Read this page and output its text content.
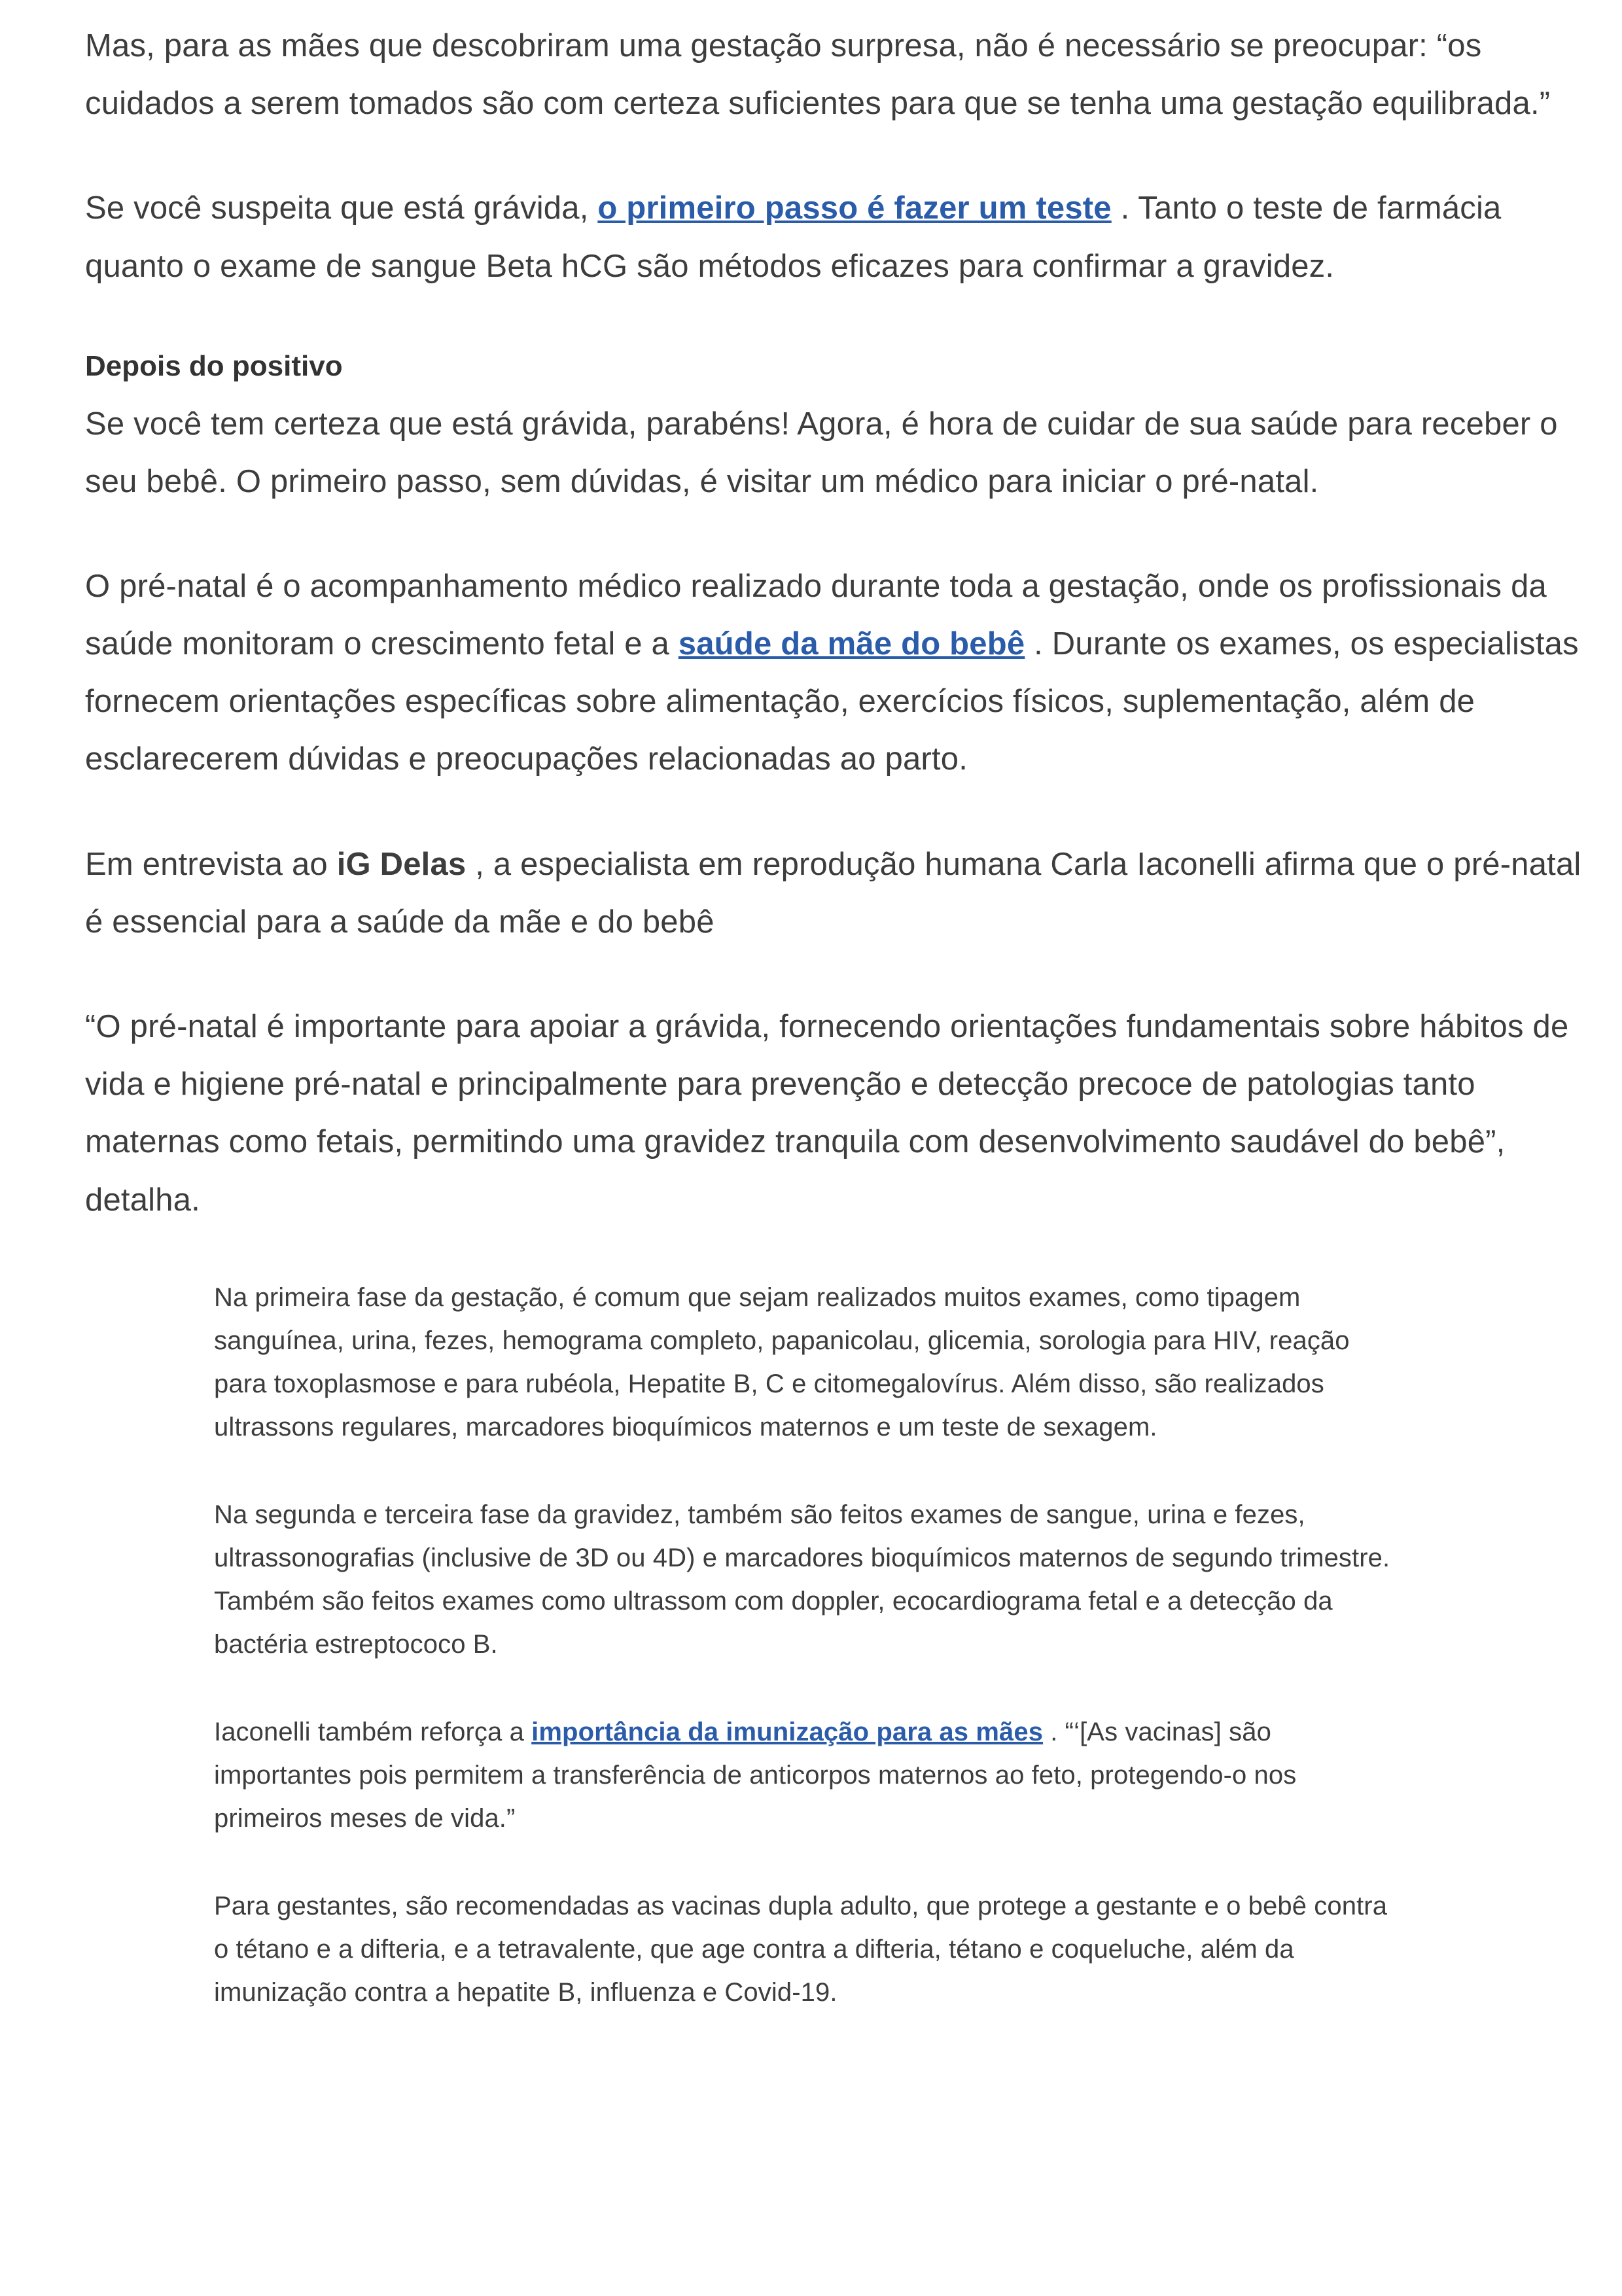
Mas, para as mães que descobriram uma gestação surpresa, não é necessário se preocupar: “os cuidados a serem tomados são com certeza suficientes para que se tenha uma gestação equilibrada.”

Se você suspeita que está grávida, o primeiro passo é fazer um teste . Tanto o teste de farmácia quanto o exame de sangue Beta hCG são métodos eficazes para confirmar a gravidez.

Depois do positivo

Se você tem certeza que está grávida, parabéns! Agora, é hora de cuidar de sua saúde para receber o seu bebê. O primeiro passo, sem dúvidas, é visitar um médico para iniciar o pré-natal.

O pré-natal é o acompanhamento médico realizado durante toda a gestação, onde os profissionais da saúde monitoram o crescimento fetal e a saúde da mãe do bebê . Durante os exames, os especialistas fornecem orientações específicas sobre alimentação, exercícios físicos, suplementação, além de esclarecerem dúvidas e preocupações relacionadas ao parto.

Em entrevista ao iG Delas , a especialista em reprodução humana Carla Iaconelli afirma que o pré-natal é essencial para a saúde da mãe e do bebê

“O pré-natal é importante para apoiar a grávida, fornecendo orientações fundamentais sobre hábitos de vida e higiene pré-natal e principalmente para prevenção e detecção precoce de patologias tanto maternas como fetais, permitindo uma gravidez tranquila com desenvolvimento saudável do bebê”, detalha.

Na primeira fase da gestação, é comum que sejam realizados muitos exames, como tipagem sanguínea, urina, fezes, hemograma completo, papanicolau, glicemia, sorologia para HIV, reação para toxoplasmose e para rubéola, Hepatite B, C e citomegalovírus. Além disso, são realizados ultrassons regulares, marcadores bioquímicos maternos e um teste de sexagem.

Na segunda e terceira fase da gravidez, também são feitos exames de sangue, urina e fezes, ultrassonografias (inclusive de 3D ou 4D) e marcadores bioquímicos maternos de segundo trimestre. Também são feitos exames como ultrassom com doppler, ecocardiograma fetal e a detecção da bactéria estreptococo B.

Iaconelli também reforça a importância da imunização para as mães . “‘[As vacinas] são importantes pois permitem a transferência de anticorpos maternos ao feto, protegendo-o nos primeiros meses de vida.”

Para gestantes, são recomendadas as vacinas dupla adulto, que protege a gestante e o bebê contra o tétano e a difteria, e a tetravalente, que age contra a difteria, tétano e coqueluche, além da imunização contra a hepatite B, influenza e Covid-19.
